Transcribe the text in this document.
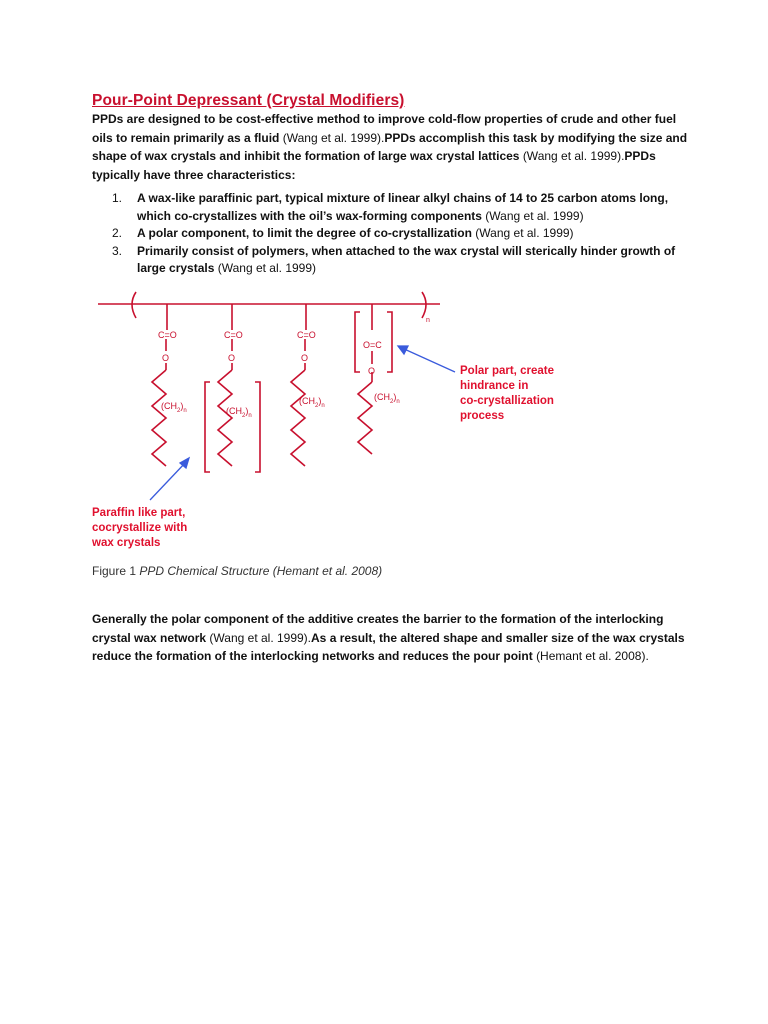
Pour-Point Depressant (Crystal Modifiers)
PPDs are designed to be cost-effective method to improve cold-flow properties of crude and other fuel oils to remain primarily as a fluid (Wang et al. 1999).PPDs accomplish this task by modifying the size and shape of wax crystals and inhibit the formation of large wax crystal lattices (Wang et al. 1999).PPDs typically have three characteristics:
1. A wax-like paraffinic part, typical mixture of linear alkyl chains of 14 to 25 carbon atoms long, which co-crystallizes with the oil’s wax-forming components (Wang et al. 1999)
2. A polar component, to limit the degree of co-crystallization (Wang et al. 1999)
3. Primarily consist of polymers, when attached to the wax crystal will sterically hinder growth of large crystals (Wang et al. 1999)
C=O
O
$(CH_2)_n$
C=O
O
$(CH_2)_n$
C=O
O
$(CH_2)_n$
O=C
O
$(CH_2)_n$
n
Polar part, create hindrance in co-crystallization process
Paraffin like part, cocrystallize with wax crystals
Figure 1 PPD Chemical Structure (Hemant et al. 2008)
Generally the polar component of the additive creates the barrier to the formation of the interlocking crystal wax network (Wang et al. 1999).As a result, the altered shape and smaller size of the wax crystals reduce the formation of the interlocking networks and reduces the pour point (Hemant et al. 2008).
